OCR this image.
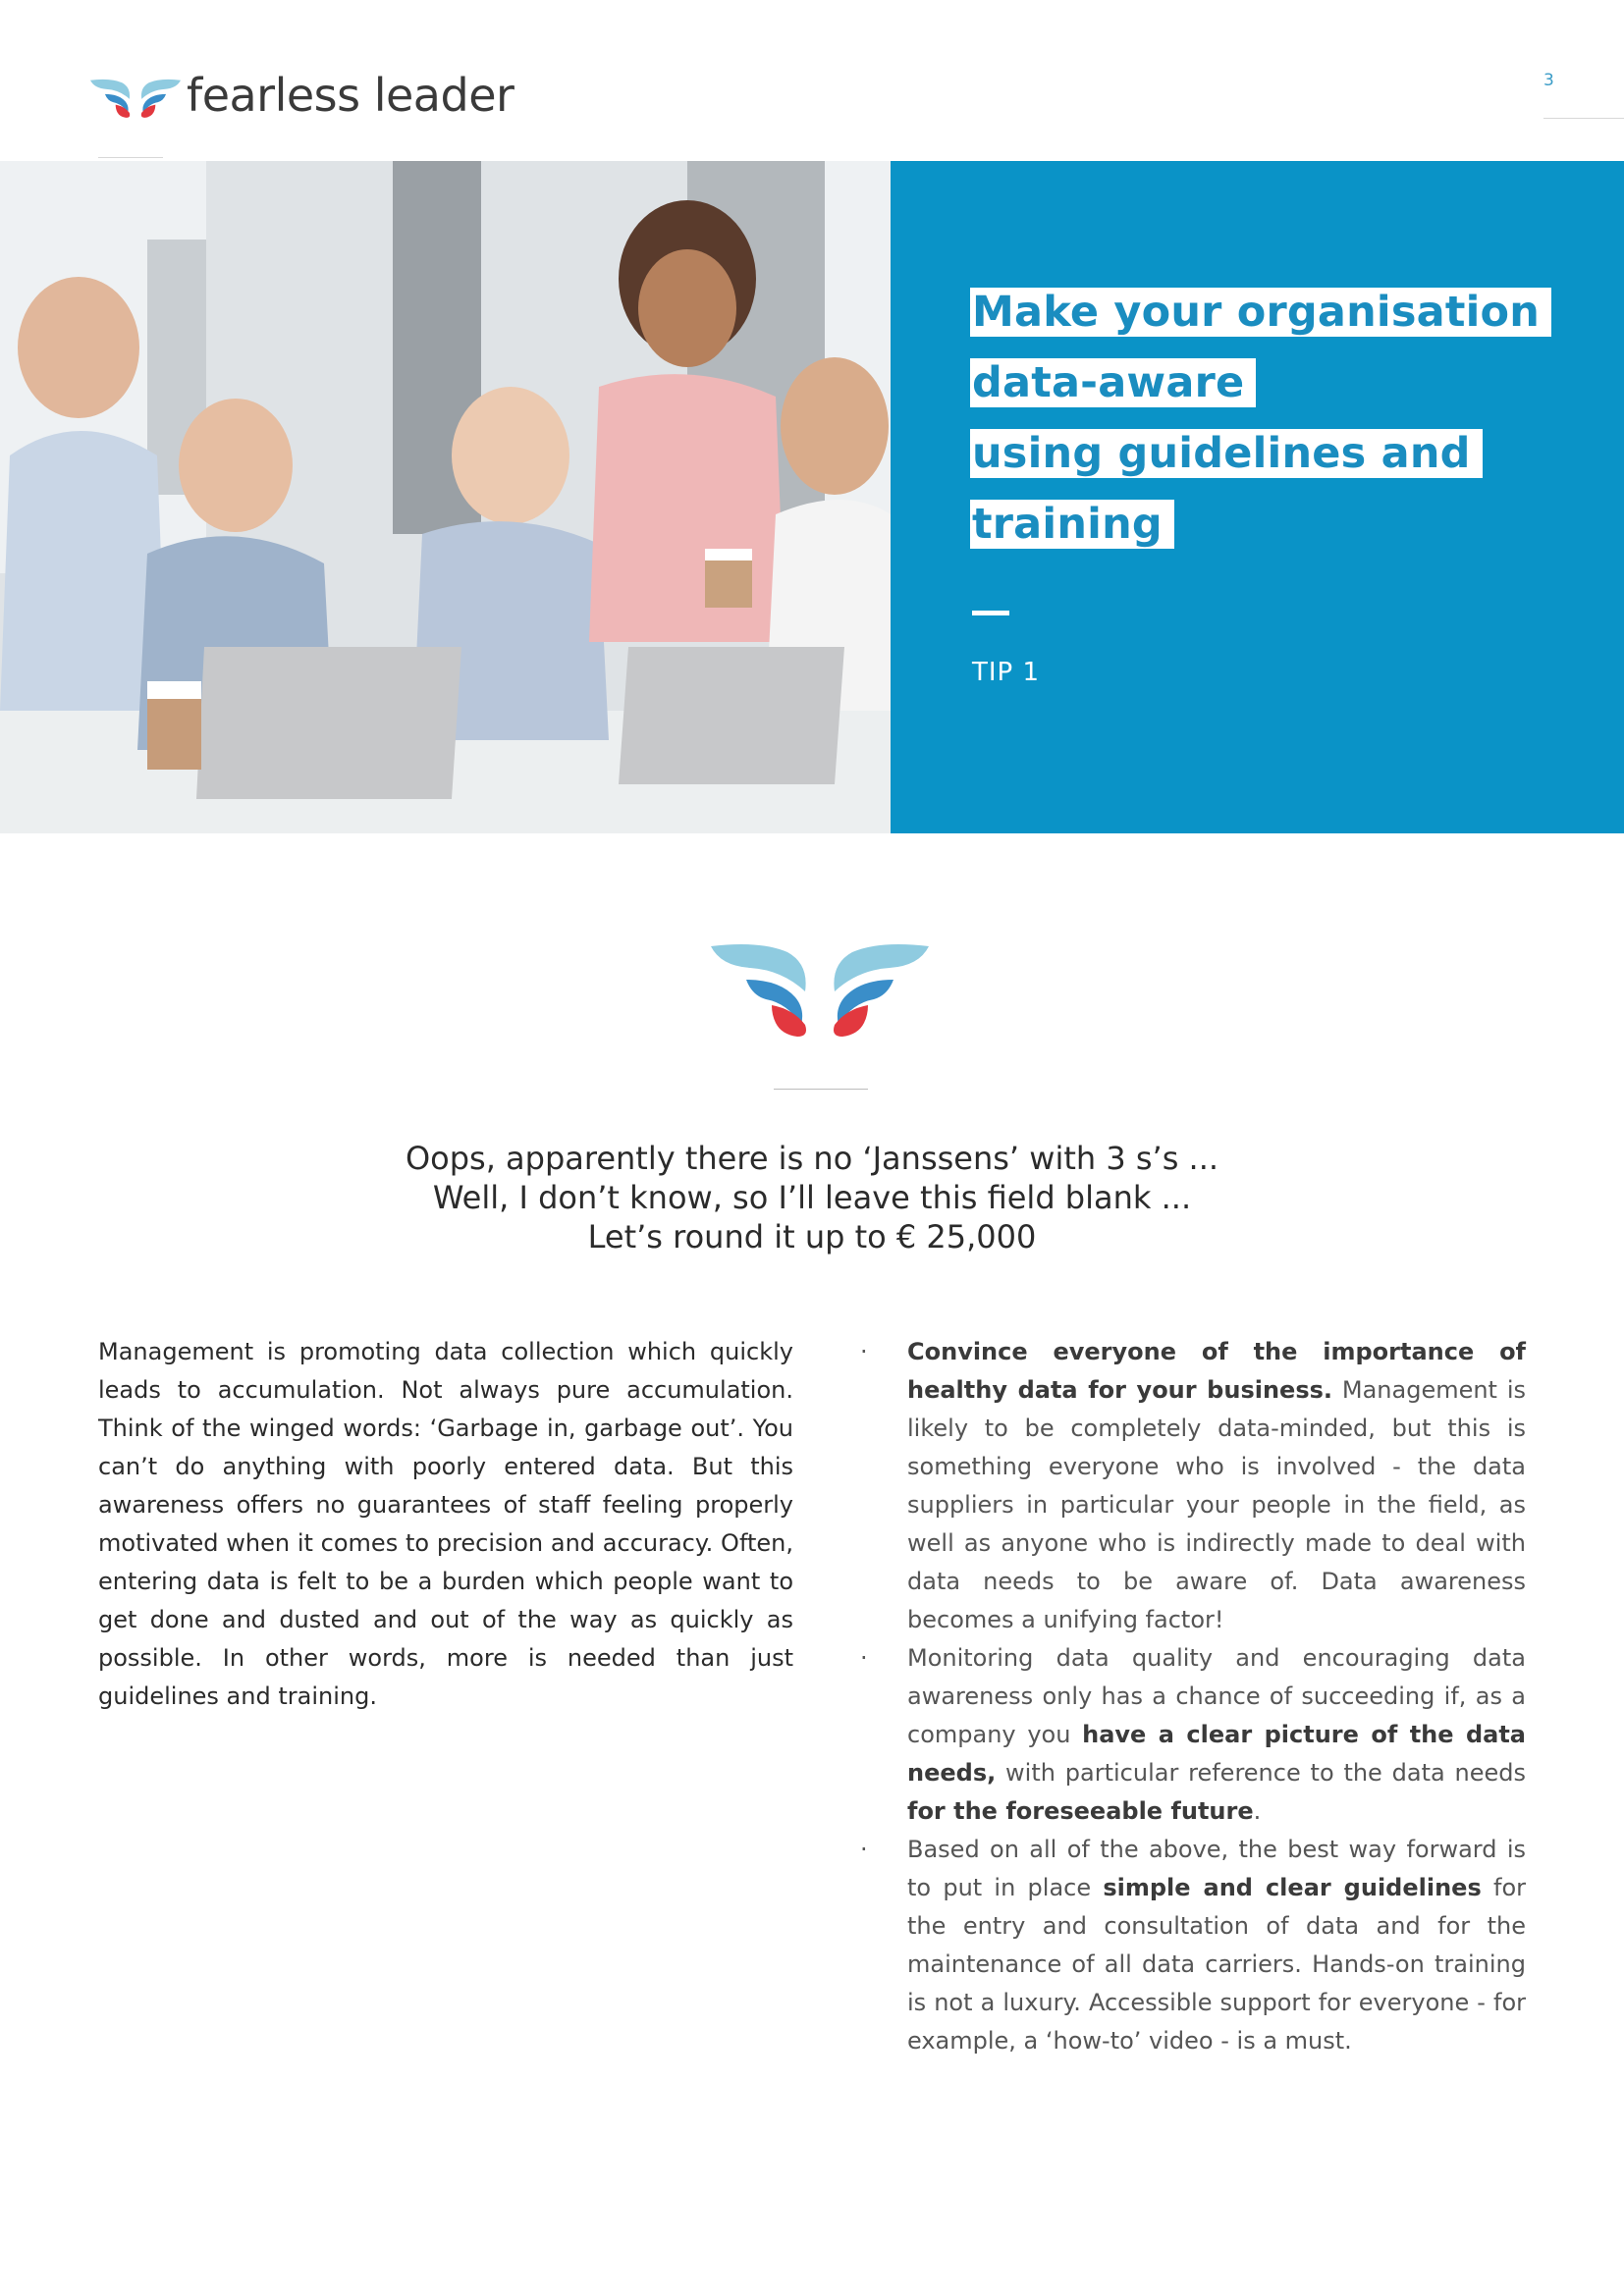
fearless leader	3
Make your organisation
data-aware
using guidelines and
training
TIP 1
Oops, apparently there is no ‘Janssens’ with 3 s’s ...
Well, I don’t know, so I’ll leave this field blank ...
Let’s round it up to € 25,000
Management is promoting data collection which quickly leads to accumulation. Not always pure accumulation. Think of the winged words: ‘Garbage in, garbage out’. You can’t do anything with poorly entered data. But this awareness offers no guarantees of staff feeling properly motivated when it comes to precision and accuracy. Often, entering data is felt to be a burden which people want to get done and dusted and out of the way as quickly as possible. In other words, more is needed than just guidelines and training.
·	Convince everyone of the importance of healthy data for your business. Management is likely to be completely data-minded, but this is something everyone who is involved - the data suppliers in particular your people in the field, as well as anyone who is indirectly made to deal with data needs to be aware of. Data awareness becomes a unifying factor!
·	Monitoring data quality and encouraging data awareness only has a chance of succeeding if, as a company you have a clear picture of the data needs, with particular reference to the data needs for the foreseeable future.
·	Based on all of the above, the best way forward is to put in place simple and clear guidelines for the entry and consultation of data and for the maintenance of all data carriers. Hands-on training is not a luxury. Accessible support for everyone - for example, a ‘how-to’ video - is a must.
